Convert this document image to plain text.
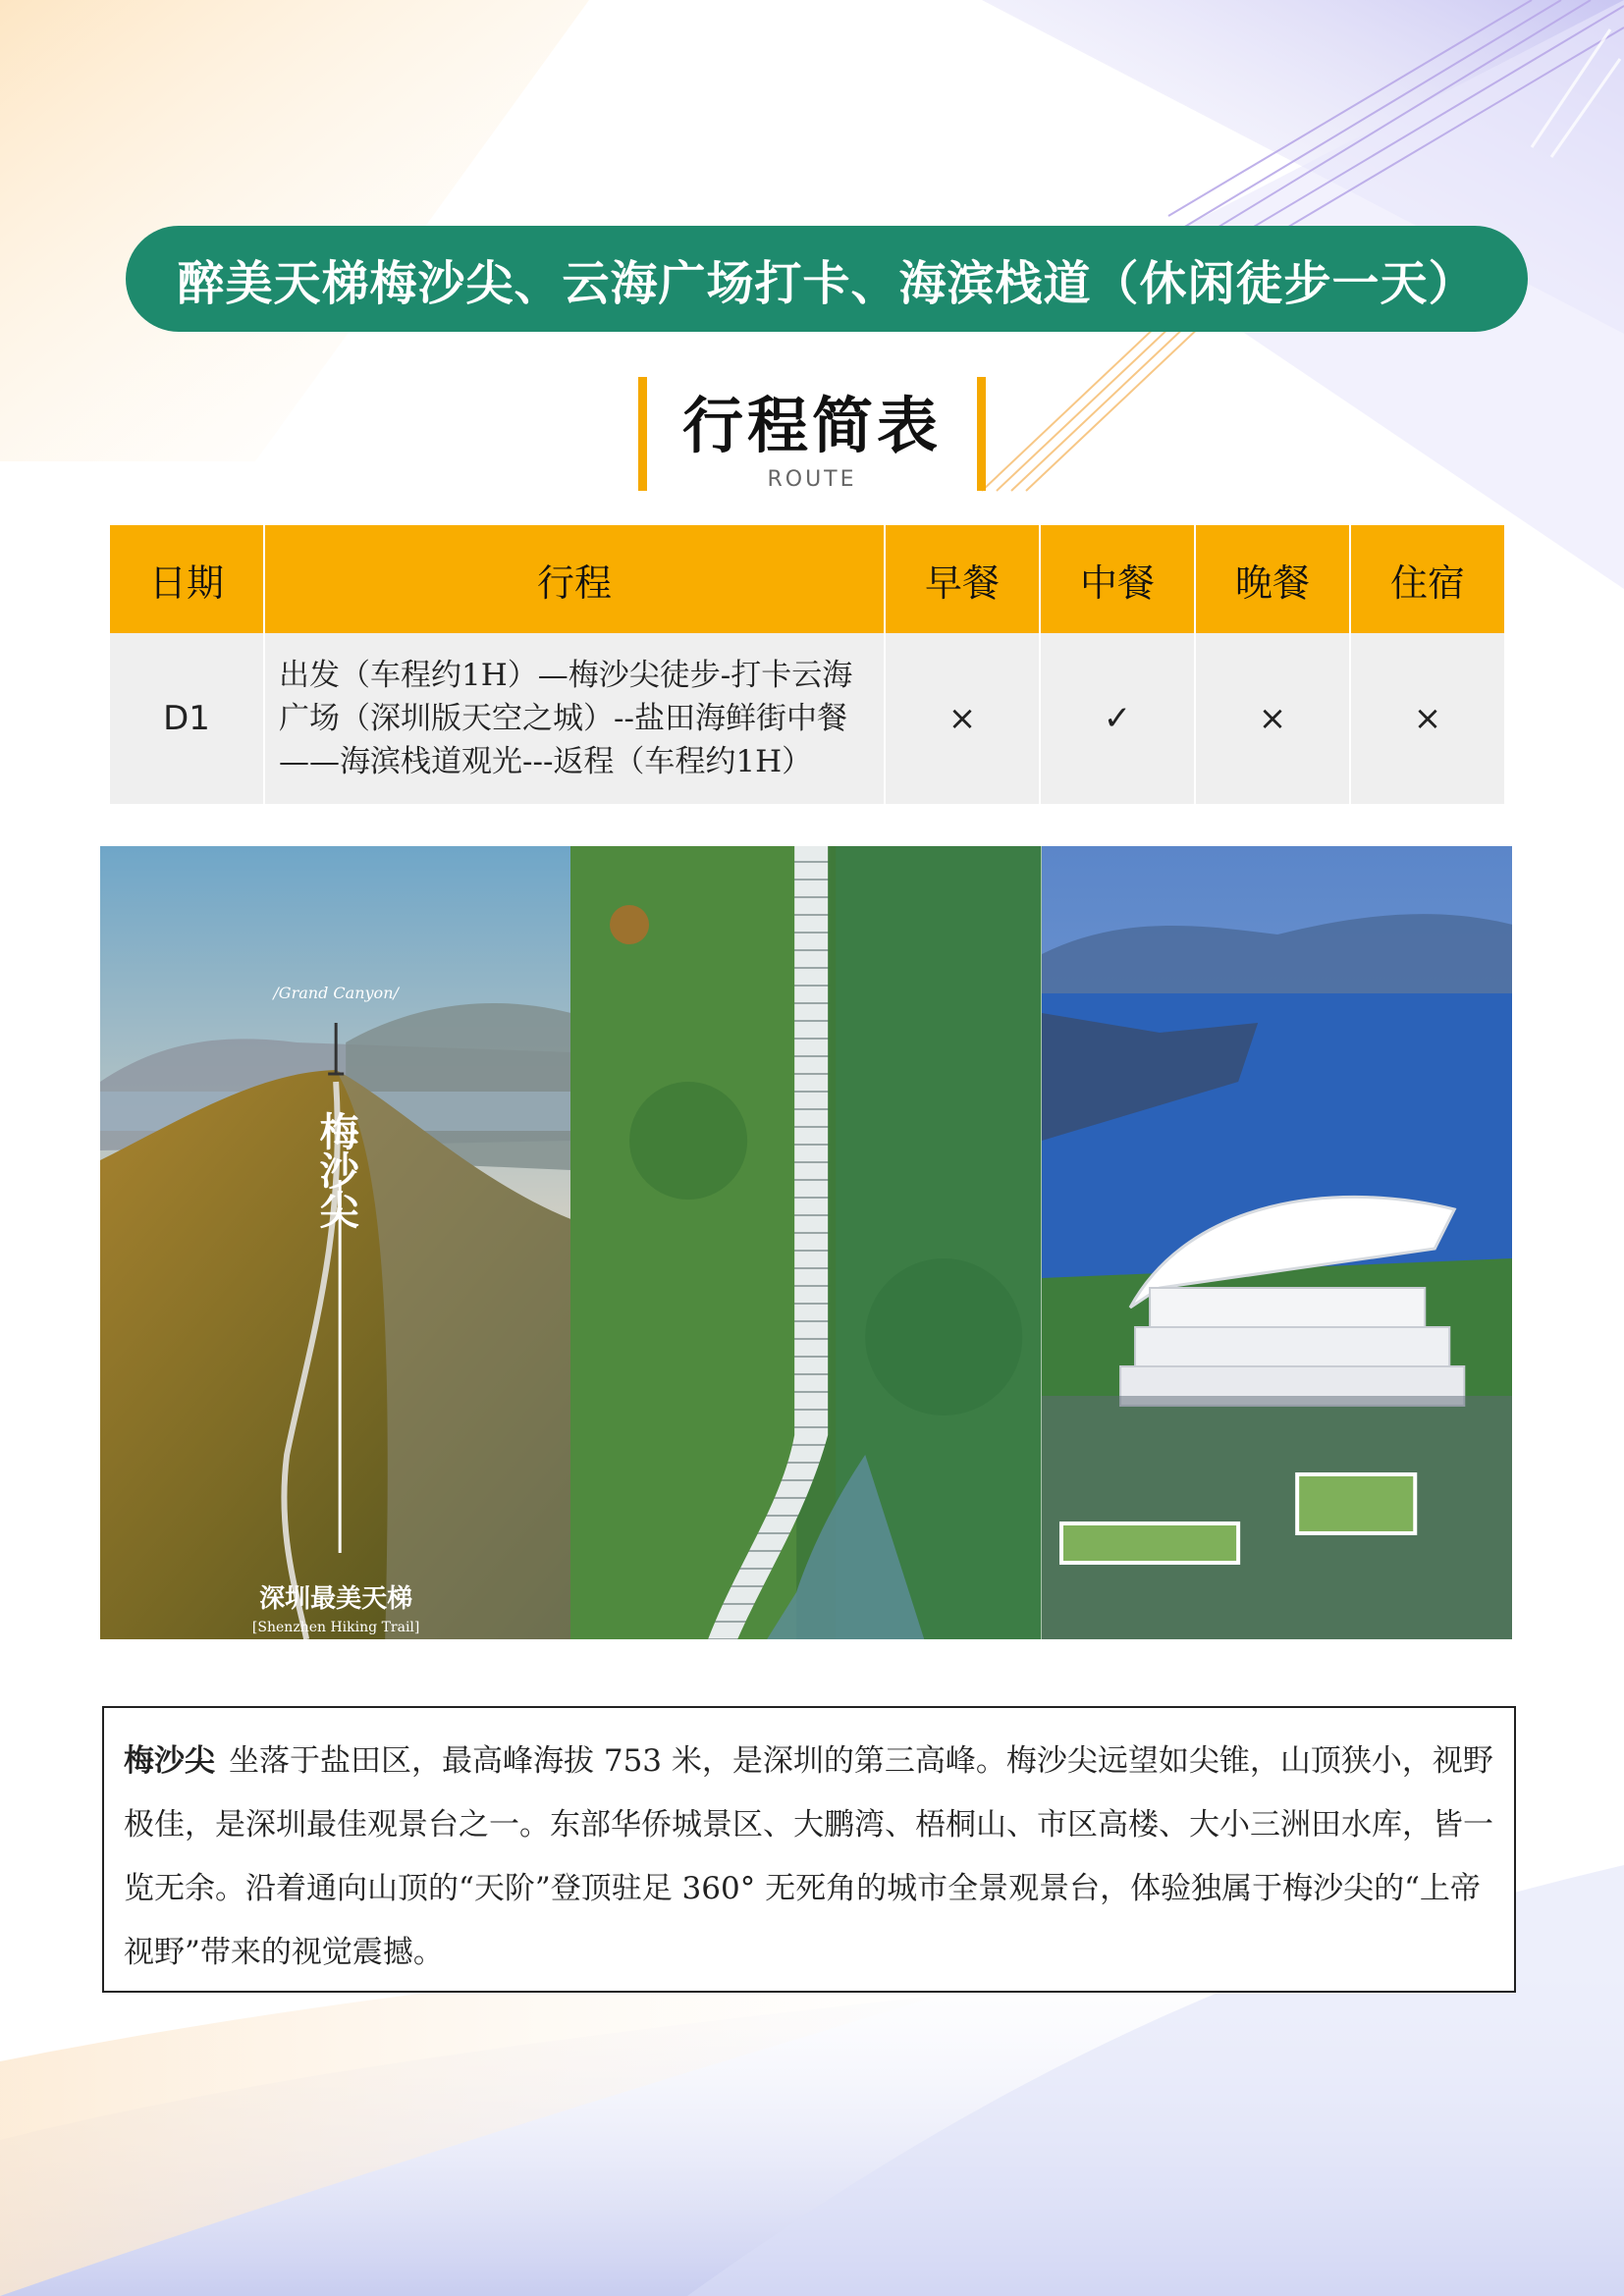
醉美天梯梅沙尖、云海广场打卡、海滨栈道（休闲徒步一天）
行程简表
ROUTE
日期	行程	早餐	中餐	晚餐	住宿
D1	出发（车程约1H）—梅沙尖徒步-打卡云海广场（深圳版天空之城）--盐田海鲜街中餐——海滨栈道观光---返程（车程约1H）	×	✓	×	×
/Grand Canyon/
梅沙尖
深圳最美天梯
[Shenzhen Hiking Trail]

梅沙尖 坐落于盐田区，最高峰海拔 753 米，是深圳的第三高峰。梅沙尖远望如尖锥，山顶狭小，视野极佳，是深圳最佳观景台之一。东部华侨城景区、大鹏湾、梧桐山、市区高楼、大小三洲田水库，皆一览无余。沿着通向山顶的“天阶”登顶驻足 360° 无死角的城市全景观景台，体验独属于梅沙尖的“上帝视野”带来的视觉震撼。
